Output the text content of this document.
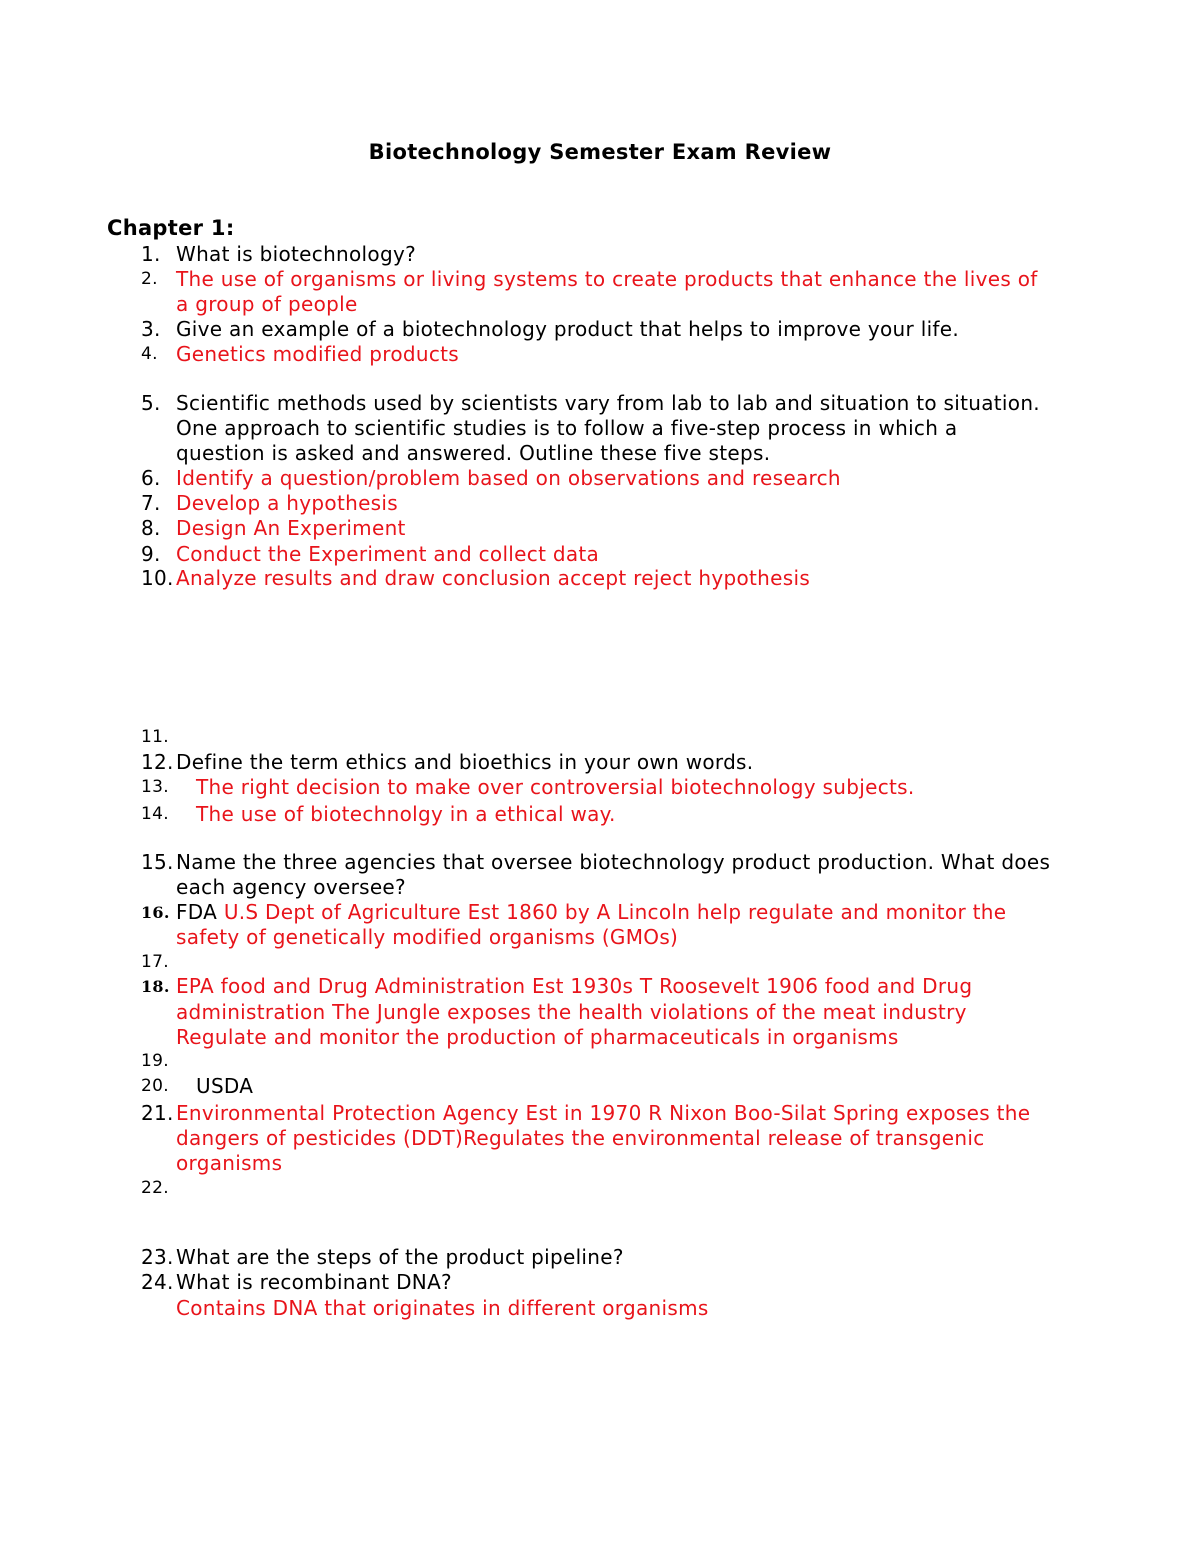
Biotechnology Semester Exam Review
Chapter 1:
1. What is biotechnology?
2. The use of organisms or living systems to create products that enhance the lives of
a group of people
3. Give an example of a biotechnology product that helps to improve your life.
4. Genetics modified products
5. Scientific methods used by scientists vary from lab to lab and situation to situation.
One approach to scientific studies is to follow a five-step process in which a
question is asked and answered. Outline these five steps.
6. Identify a question/problem based on observations and research
7. Develop a hypothesis
8. Design An Experiment
9. Conduct the Experiment and collect data
10. Analyze results and draw conclusion accept reject hypothesis
11.
12. Define the term ethics and bioethics in your own words.
13. The right decision to make over controversial biotechnology subjects.
14. The use of biotechnolgy in a ethical way.
15. Name the three agencies that oversee biotechnology product production. What does
each agency oversee?
16. FDA U.S Dept of Agriculture Est 1860 by A Lincoln help regulate and monitor the
safety of genetically modified organisms (GMOs)
17.
18. EPA food and Drug Administration Est 1930s T Roosevelt 1906 food and Drug
administration The Jungle exposes the health violations of the meat industry
Regulate and monitor the production of pharmaceuticals in organisms
19.
20. USDA
21. Environmental Protection Agency Est in 1970 R Nixon Boo-Silat Spring exposes the
dangers of pesticides (DDT)Regulates the environmental release of transgenic
organisms
22.
23. What are the steps of the product pipeline?
24. What is recombinant DNA?
Contains DNA that originates in different organisms
